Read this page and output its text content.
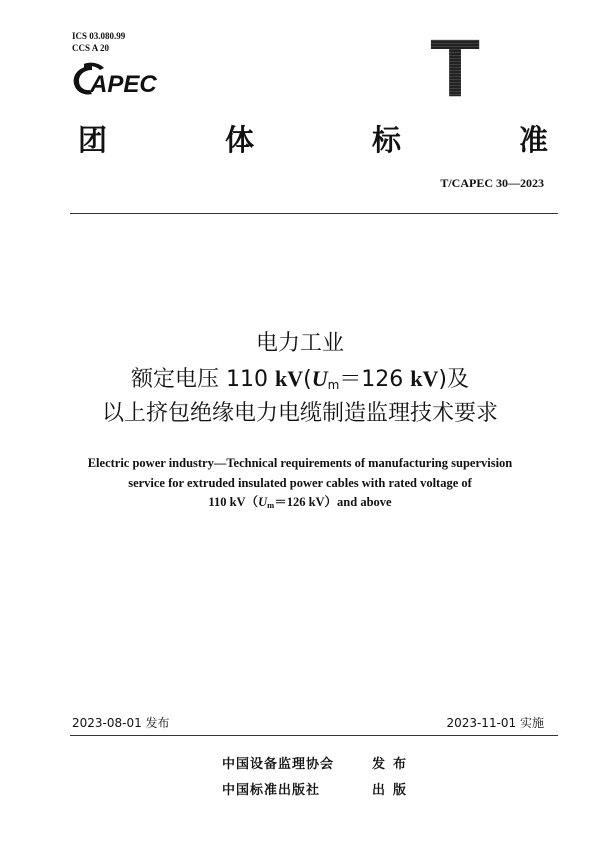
ICS 03.080.99
CCS A 20
APEC	T
团	体	标	准
T/CAPEC 30—2023
电力工业
额定电压 110 $kV(U_m=126$ kV)及
以上挤包绝缘电力电缆制造监理技术要求
Electric power industry—Technical requirements of manufacturing supervision
service for extruded insulated power cables with rated voltage of
110 $kV(U_m=126$ kV）and above
2023-08-01 发布	2023-11-01 实施
中国设备监理协会	发布
中国标准出版社	出版
